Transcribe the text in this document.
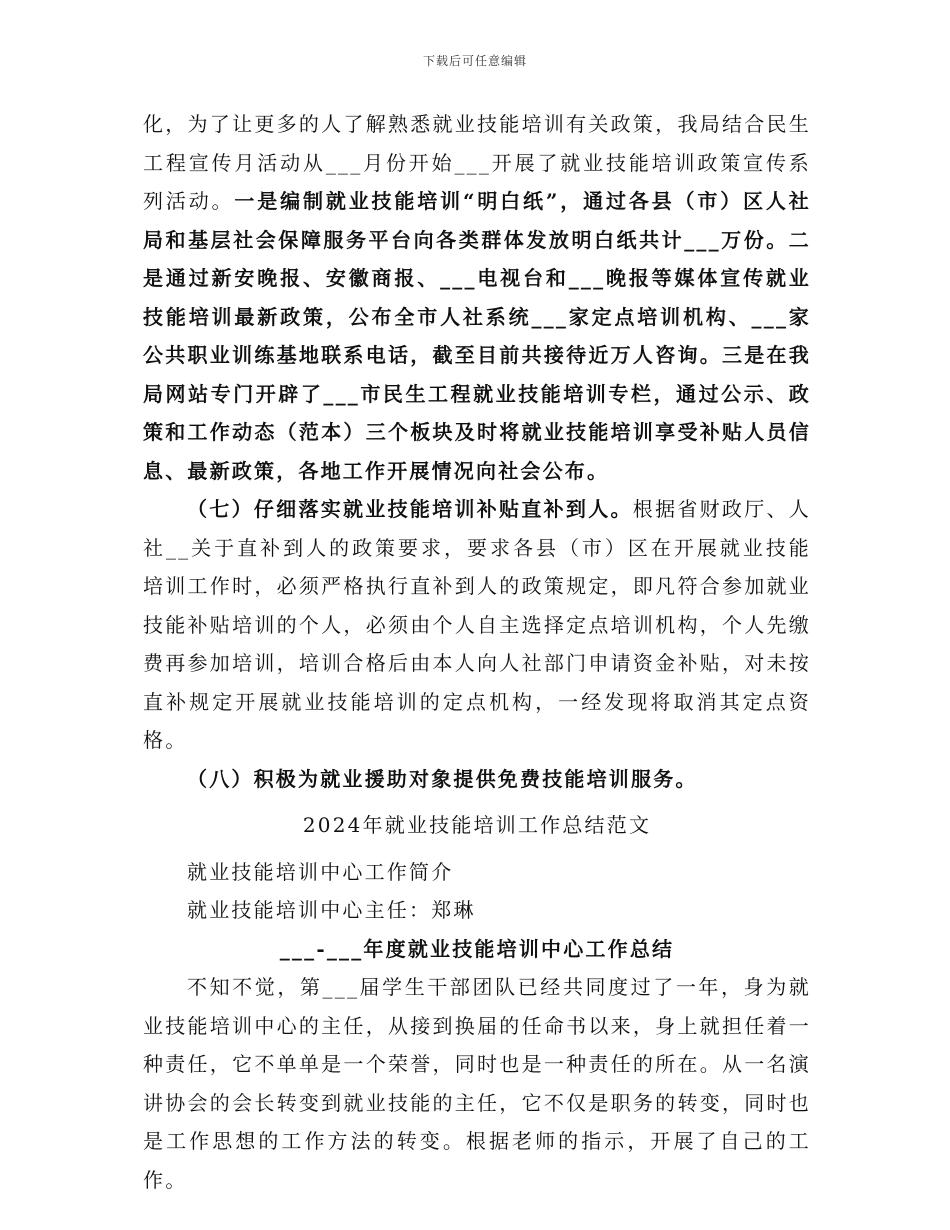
下载后可任意编辑

化，为了让更多的人了解熟悉就业技能培训有关政策，我局结合民生工程宣传月活动从___月份开始___开展了就业技能培训政策宣传系列活动。一是编制就业技能培训“明白纸”，通过各县（市）区人社局和基层社会保障服务平台向各类群体发放明白纸共计___万份。二是通过新安晚报、安徽商报、___电视台和___晚报等媒体宣传就业技能培训最新政策，公布全市人社系统___家定点培训机构、___家公共职业训练基地联系电话，截至目前共接待近万人咨询。三是在我局网站专门开辟了___市民生工程就业技能培训专栏，通过公示、政策和工作动态（范本）三个板块及时将就业技能培训享受补贴人员信息、最新政策，各地工作开展情况向社会公布。

（七）仔细落实就业技能培训补贴直补到人。根据省财政厅、人社__关于直补到人的政策要求，要求各县（市）区在开展就业技能培训工作时，必须严格执行直补到人的政策规定，即凡符合参加就业技能补贴培训的个人，必须由个人自主选择定点培训机构，个人先缴费再参加培训，培训合格后由本人向人社部门申请资金补贴，对未按直补规定开展就业技能培训的定点机构，一经发现将取消其定点资格。

（八）积极为就业援助对象提供免费技能培训服务。

2024年就业技能培训工作总结范文

就业技能培训中心工作简介

就业技能培训中心主任：郑琳

___-___年度就业技能培训中心工作总结

不知不觉，第___届学生干部团队已经共同度过了一年，身为就业技能培训中心的主任，从接到换届的任命书以来，身上就担任着一种责任，它不单单是一个荣誉，同时也是一种责任的所在。从一名演讲协会的会长转变到就业技能的主任，它不仅是职务的转变，同时也是工作思想的工作方法的转变。根据老师的指示，开展了自己的工作。
